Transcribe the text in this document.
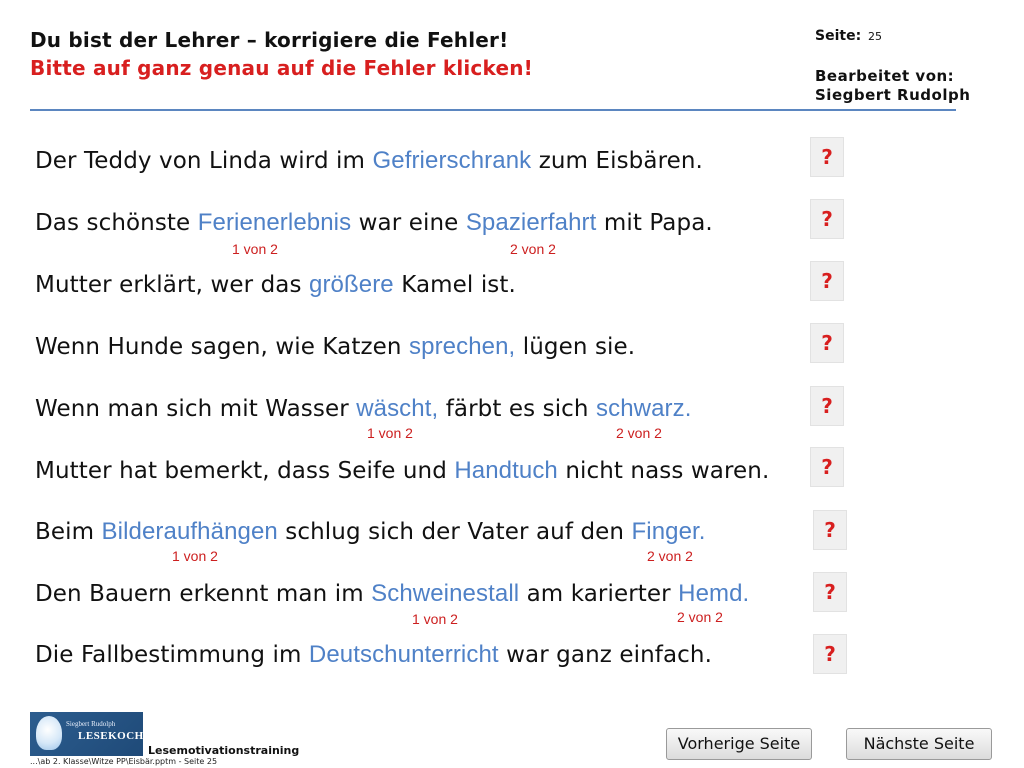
Du bist der Lehrer – korrigiere die Fehler!
Bitte auf ganz genau auf die Fehler klicken!
Seite: 25
Bearbeitet von:
Siegbert Rudolph
Der Teddy von Linda wird im Gefrierschrank zum Eisbären.
Das schönste Ferienerlebnis war eine Spazierfahrt mit Papa.
1 von 2	2 von 2
Mutter erklärt, wer das größere Kamel ist.
Wenn Hunde sagen, wie Katzen sprechen, lügen sie.
Wenn man sich mit Wasser wäscht, färbt es sich schwarz.
1 von 2	2 von 2
Mutter hat bemerkt, dass Seife und Handtuch nicht nass waren.
Beim Bilderaufhängen schlug sich der Vater auf den Finger.
1 von 2	2 von 2
Den Bauern erkennt man im Schweinestall am karierter Hemd.
1 von 2	2 von 2
Die Fallbestimmung im Deutschunterricht war ganz einfach.
?
?
?
?
?
?
?
?
?
Siegbert Rudolph
LESEKOCH
Lesemotivationstraining
...\ab 2. Klasse\Witze PP\Eisbär.pptm - Seite 25
Vorherige Seite	Nächste Seite
